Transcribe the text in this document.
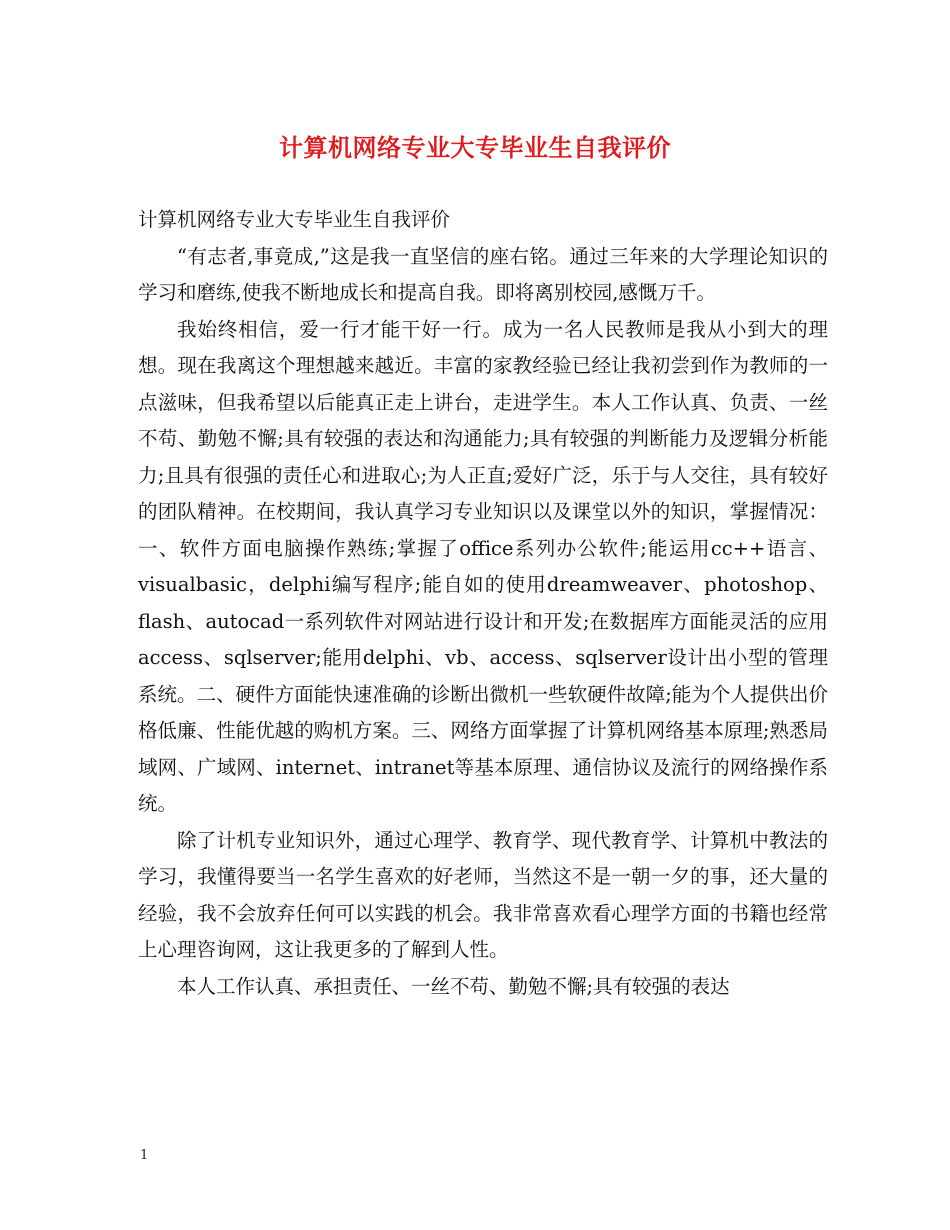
计算机网络专业大专毕业生自我评价

计算机网络专业大专毕业生自我评价

“有志者,事竟成,”这是我一直坚信的座右铭。通过三年来的大学理论知识的学习和磨练,使我不断地成长和提高自我。即将离别校园,感慨万千。

我始终相信，爱一行才能干好一行。成为一名人民教师是我从小到大的理想。现在我离这个理想越来越近。丰富的家教经验已经让我初尝到作为教师的一点滋味，但我希望以后能真正走上讲台，走进学生。本人工作认真、负责、一丝不苟、勤勉不懈;具有较强的表达和沟通能力;具有较强的判断能力及逻辑分析能力;且具有很强的责任心和进取心;为人正直;爱好广泛，乐于与人交往，具有较好的团队精神。在校期间，我认真学习专业知识以及课堂以外的知识，掌握情况：一、软件方面电脑操作熟练;掌握了office系列办公软件;能运用cc++语言、visualbasic，delphi编写程序;能自如的使用dreamweaver、photoshop、flash、autocad一系列软件对网站进行设计和开发;在数据库方面能灵活的应用access、sqlserver;能用delphi、vb、access、sqlserver设计出小型的管理系统。二、硬件方面能快速准确的诊断出微机一些软硬件故障;能为个人提供出价格低廉、性能优越的购机方案。三、网络方面掌握了计算机网络基本原理;熟悉局域网、广域网、internet、intranet等基本原理、通信协议及流行的网络操作系统。

除了计机专业知识外，通过心理学、教育学、现代教育学、计算机中教法的学习，我懂得要当一名学生喜欢的好老师，当然这不是一朝一夕的事，还大量的经验，我不会放弃任何可以实践的机会。我非常喜欢看心理学方面的书籍也经常上心理咨询网，这让我更多的了解到人性。

本人工作认真、承担责任、一丝不苟、勤勉不懈;具有较强的表达

1
